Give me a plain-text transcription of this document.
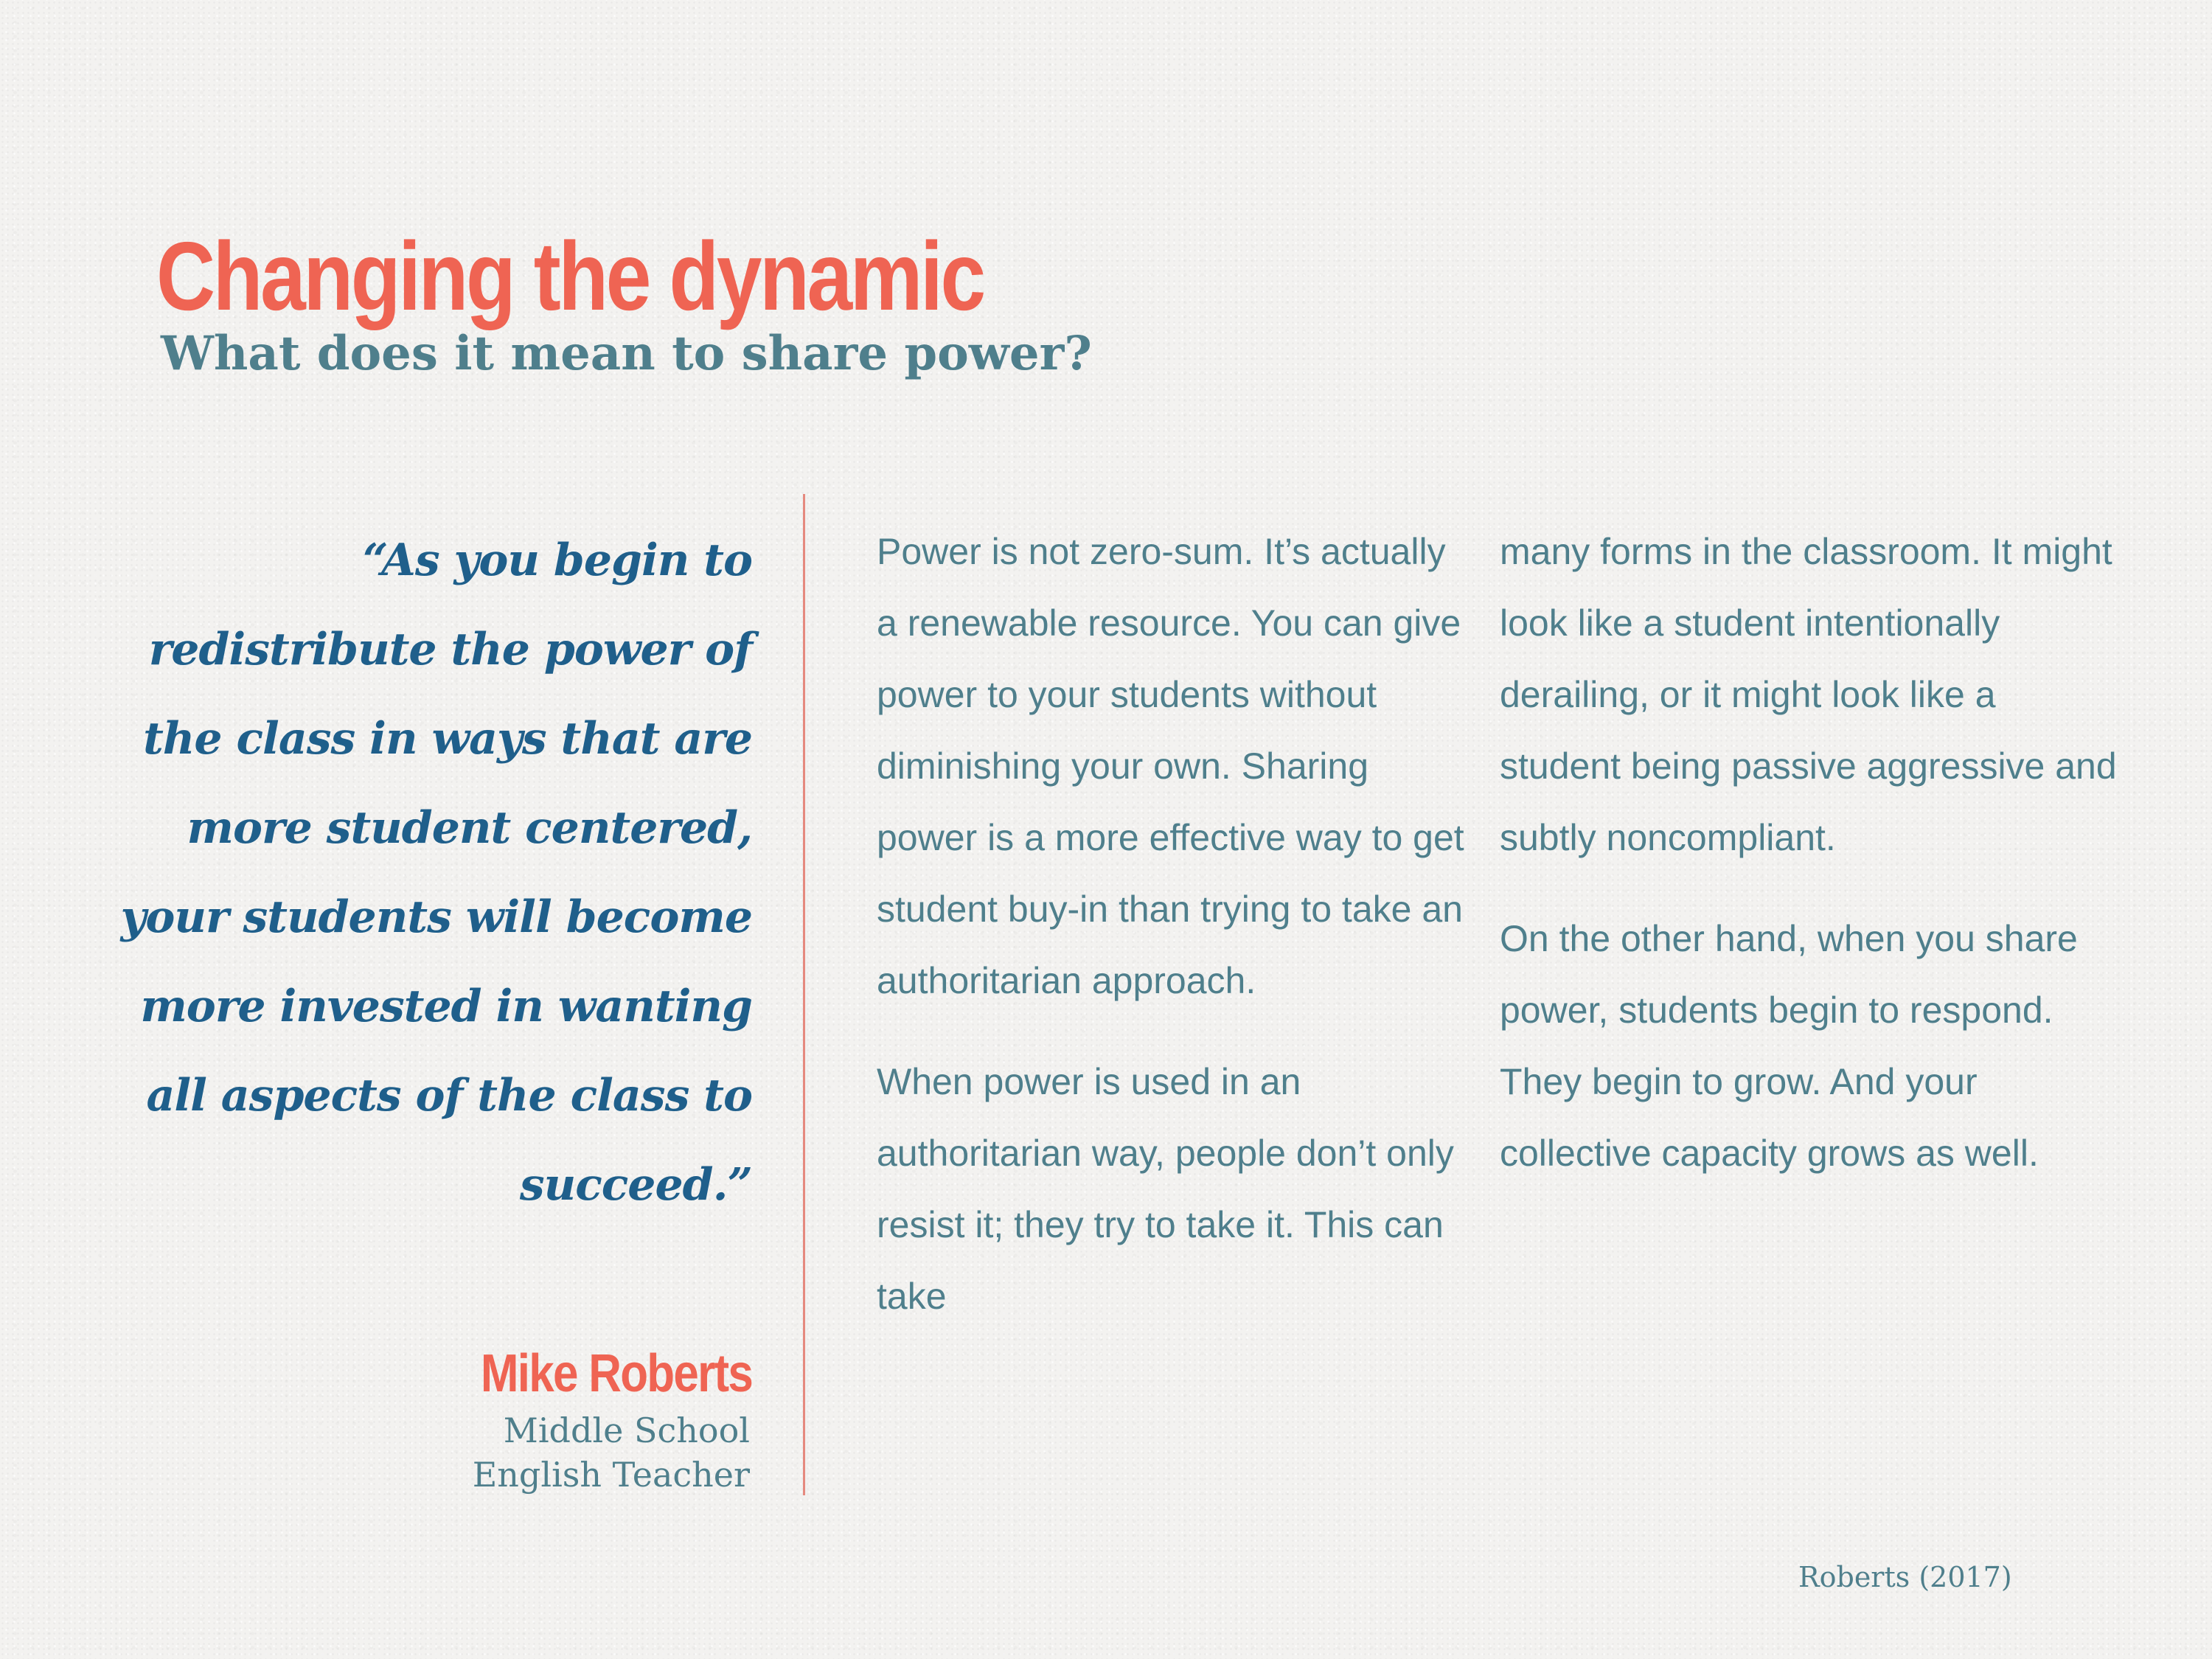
Changing the dynamic
What does it mean to share power?

“As you begin to redistribute the power of the class in ways that are more student centered, your students will become more invested in wanting all aspects of the class to succeed.”

Mike Roberts
Middle School
English Teacher

Power is not zero-sum. It’s actually a renewable resource. You can give power to your students without diminishing your own. Sharing power is a more effective way to get student buy-in than trying to take an authoritarian approach.

When power is used in an authoritarian way, people don’t only resist it; they try to take it. This can take

many forms in the classroom. It might look like a student intentionally derailing, or it might look like a student being passive aggressive and subtly noncompliant.

On the other hand, when you share power, students begin to respond. They begin to grow. And your collective capacity grows as well.

Roberts (2017)
